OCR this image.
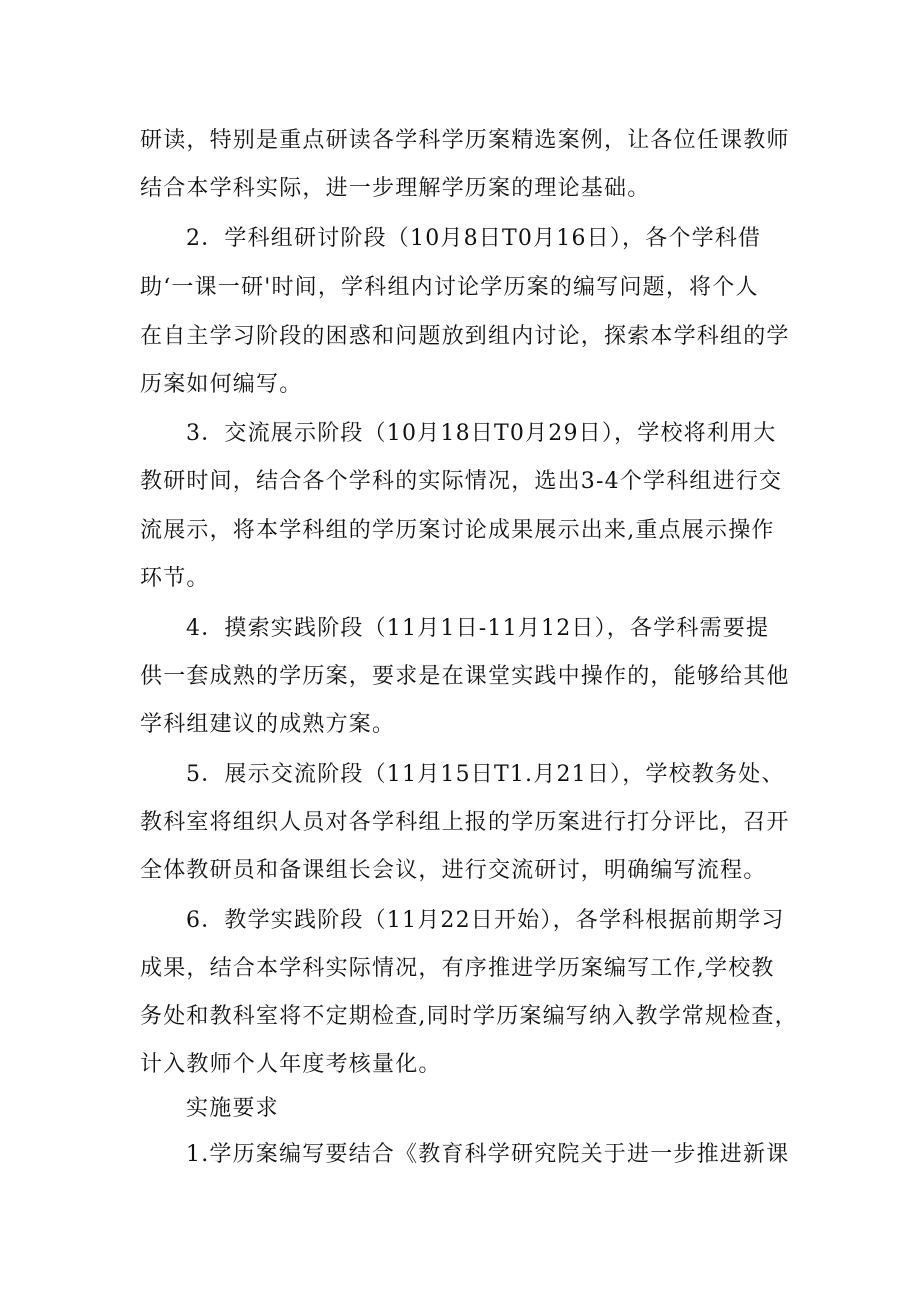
研读，特别是重点研读各学科学历案精选案例，让各位任课教师
结合本学科实际，进一步理解学历案的理论基础。
2．学科组研讨阶段（10月8日T0月16日），各个学科借
助‘一课一研'时间，学科组内讨论学历案的编写问题，将个人
在自主学习阶段的困惑和问题放到组内讨论，探索本学科组的学
历案如何编写。
3．交流展示阶段（10月18日T0月29日），学校将利用大
教研时间，结合各个学科的实际情况，选出3-4个学科组进行交
流展示，将本学科组的学历案讨论成果展示出来,重点展示操作
环节。
4．摸索实践阶段（11月1日-11月12日），各学科需要提
供一套成熟的学历案，要求是在课堂实践中操作的，能够给其他
学科组建议的成熟方案。
5．展示交流阶段（11月15日T1.月21日），学校教务处、
教科室将组织人员对各学科组上报的学历案进行打分评比，召开
全体教研员和备课组长会议，进行交流研讨，明确编写流程。
6．教学实践阶段（11月22日开始），各学科根据前期学习
成果，结合本学科实际情况，有序推进学历案编写工作,学校教
务处和教科室将不定期检查,同时学历案编写纳入教学常规检查，
计入教师个人年度考核量化。
实施要求
1.学历案编写要结合《教育科学研究院关于进一步推进新课
